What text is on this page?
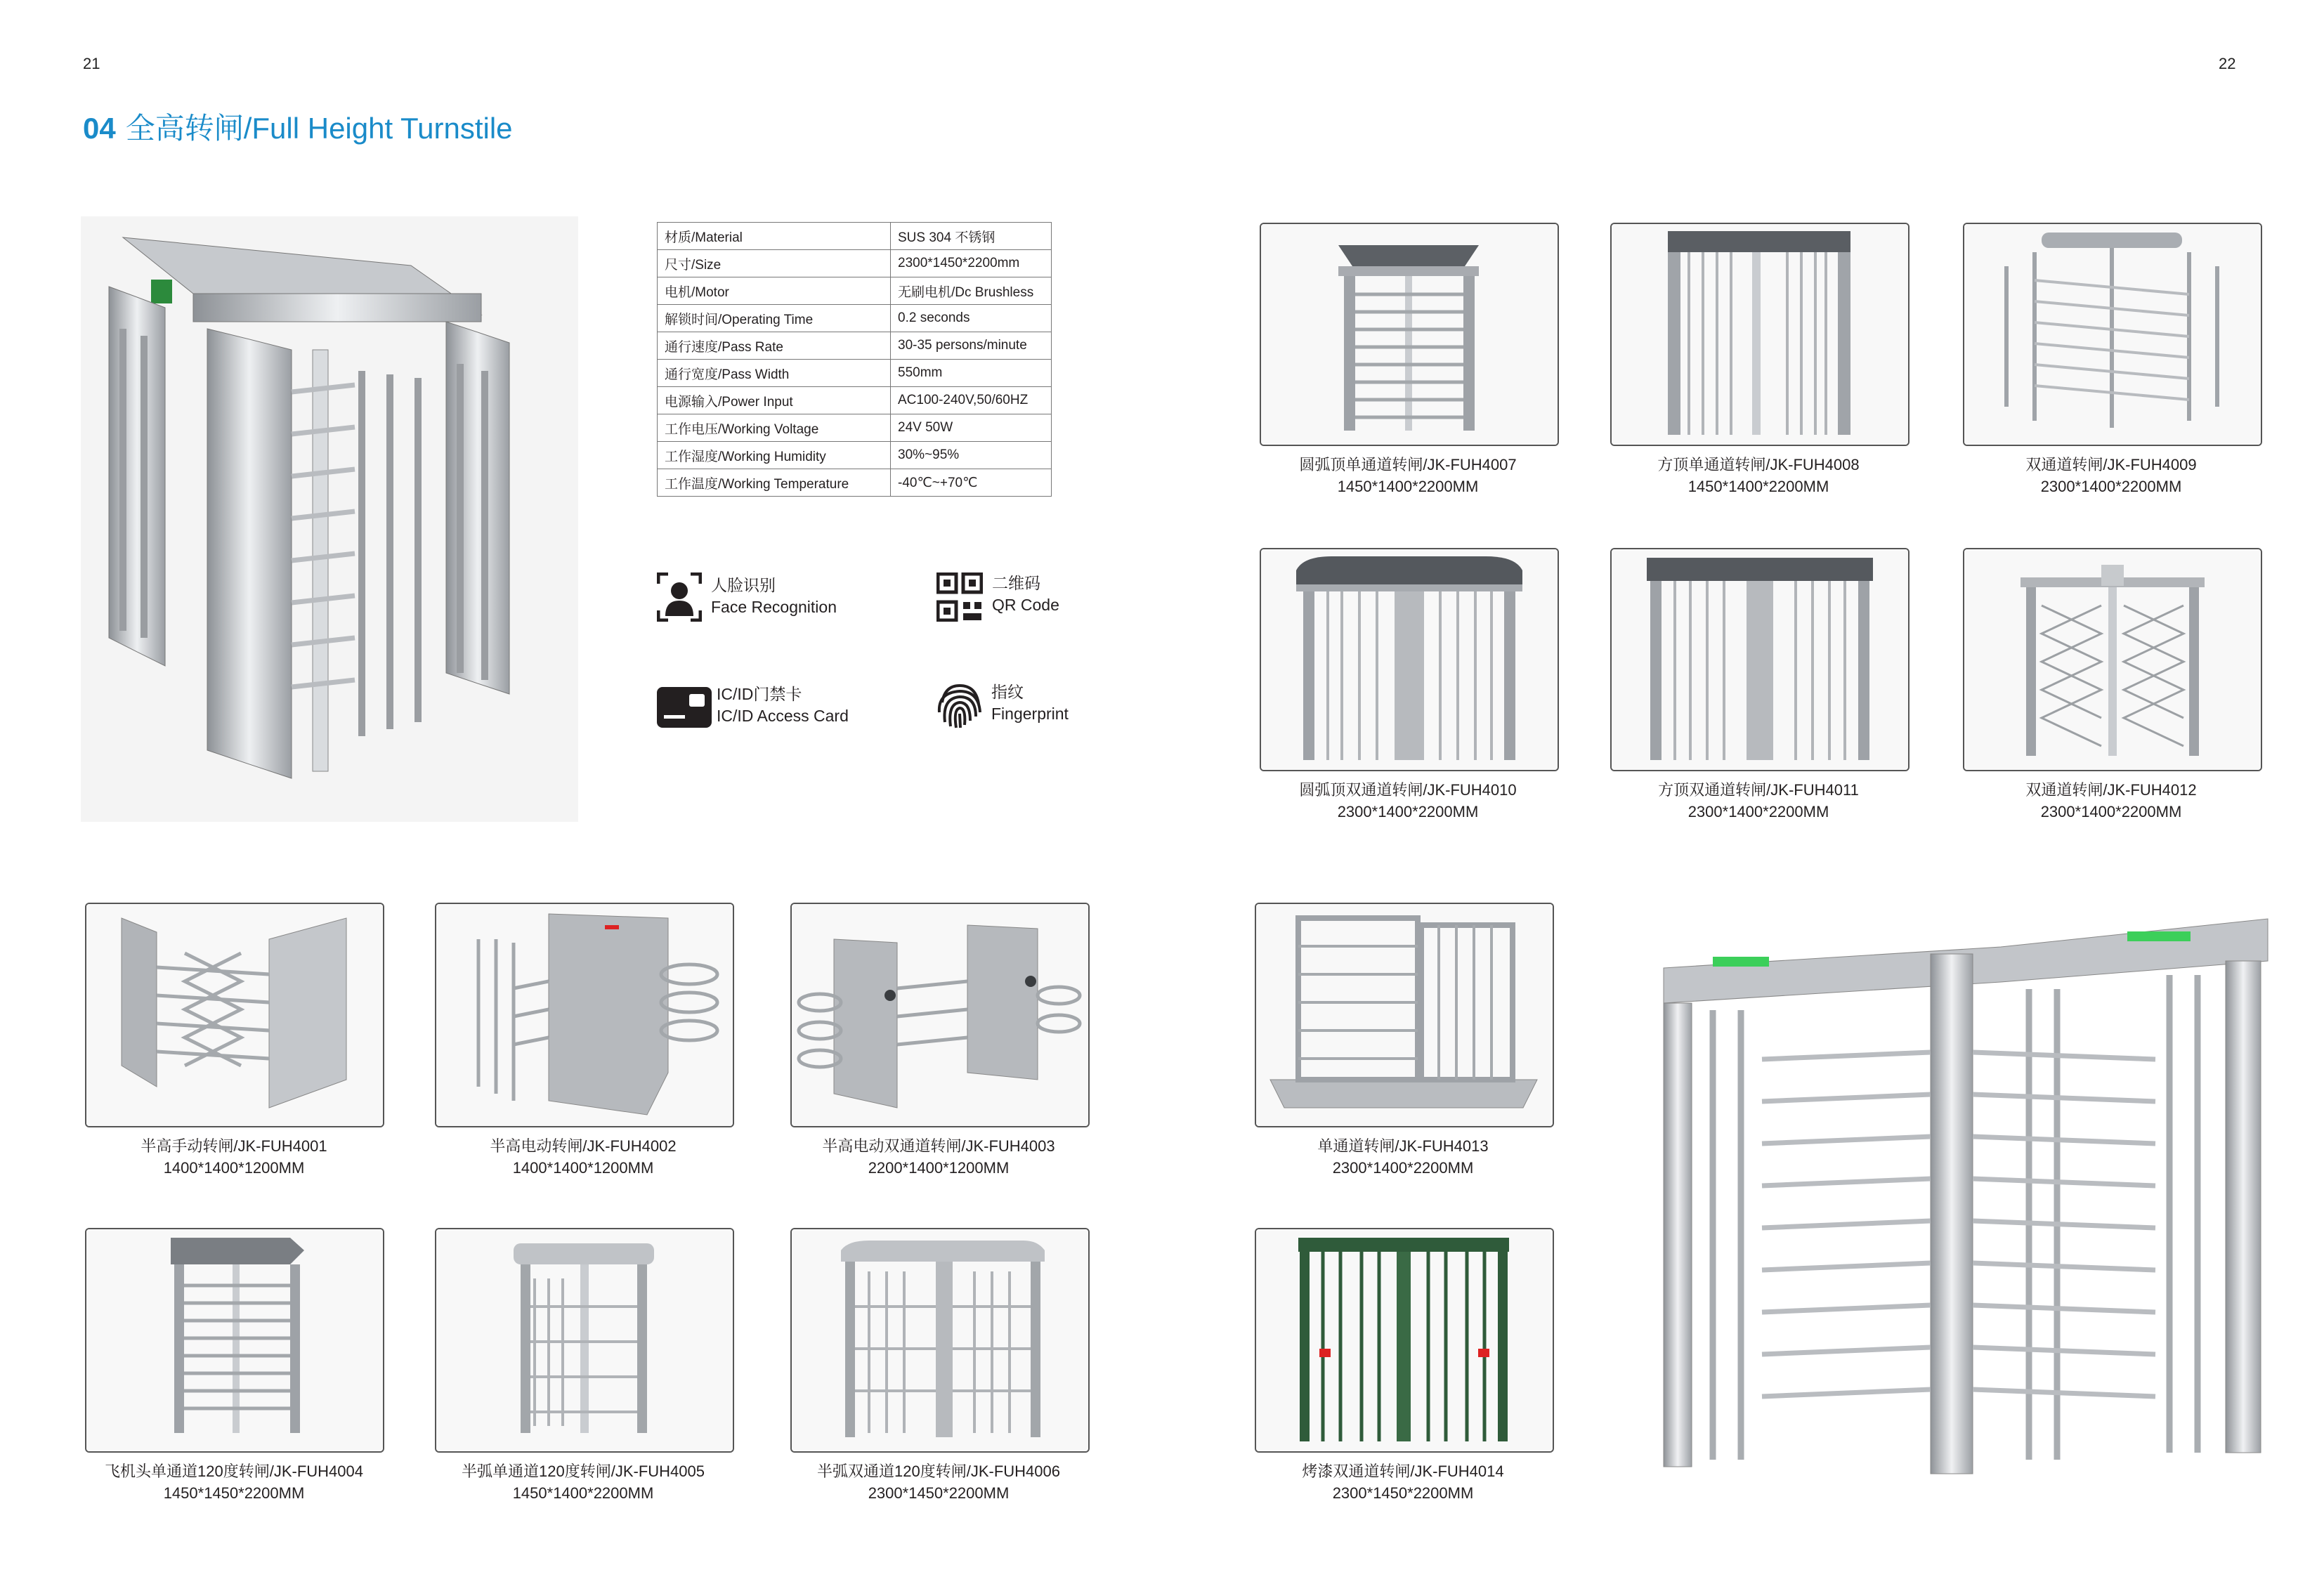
21	22
04 全高转闸/Full Height Turnstile
材质/Material	SUS 304 不锈钢
尺寸/Size	2300*1450*2200mm
电机/Motor	无刷电机/Dc Brushless
解锁时间/Operating Time	0.2 seconds
通行速度/Pass Rate	30-35 persons/minute
通行宽度/Pass Width	550mm
电源输入/Power Input	AC100-240V,50/60HZ
工作电压/Working Voltage	24V 50W
工作湿度/Working Humidity	30%~95%
工作温度/Working Temperature	-40℃~+70℃
人脸识别
Face Recognition
二维码
QR Code
IC/ID门禁卡
IC/ID Access Card
指纹
Fingerprint
圆弧顶单通道转闸/JK-FUH4007
1450*1400*2200MM
方顶单通道转闸/JK-FUH4008
1450*1400*2200MM
双通道转闸/JK-FUH4009
2300*1400*2200MM
圆弧顶双通道转闸/JK-FUH4010
2300*1400*2200MM
方顶双通道转闸/JK-FUH4011
2300*1400*2200MM
双通道转闸/JK-FUH4012
2300*1400*2200MM
半高手动转闸/JK-FUH4001
1400*1400*1200MM
半高电动转闸/JK-FUH4002
1400*1400*1200MM
半高电动双通道转闸/JK-FUH4003
2200*1400*1200MM
单通道转闸/JK-FUH4013
2300*1400*2200MM
飞机头单通道120度转闸/JK-FUH4004
1450*1450*2200MM
半弧单通道120度转闸/JK-FUH4005
1450*1400*2200MM
半弧双通道120度转闸/JK-FUH4006
2300*1450*2200MM
烤漆双通道转闸/JK-FUH4014
2300*1450*2200MM
